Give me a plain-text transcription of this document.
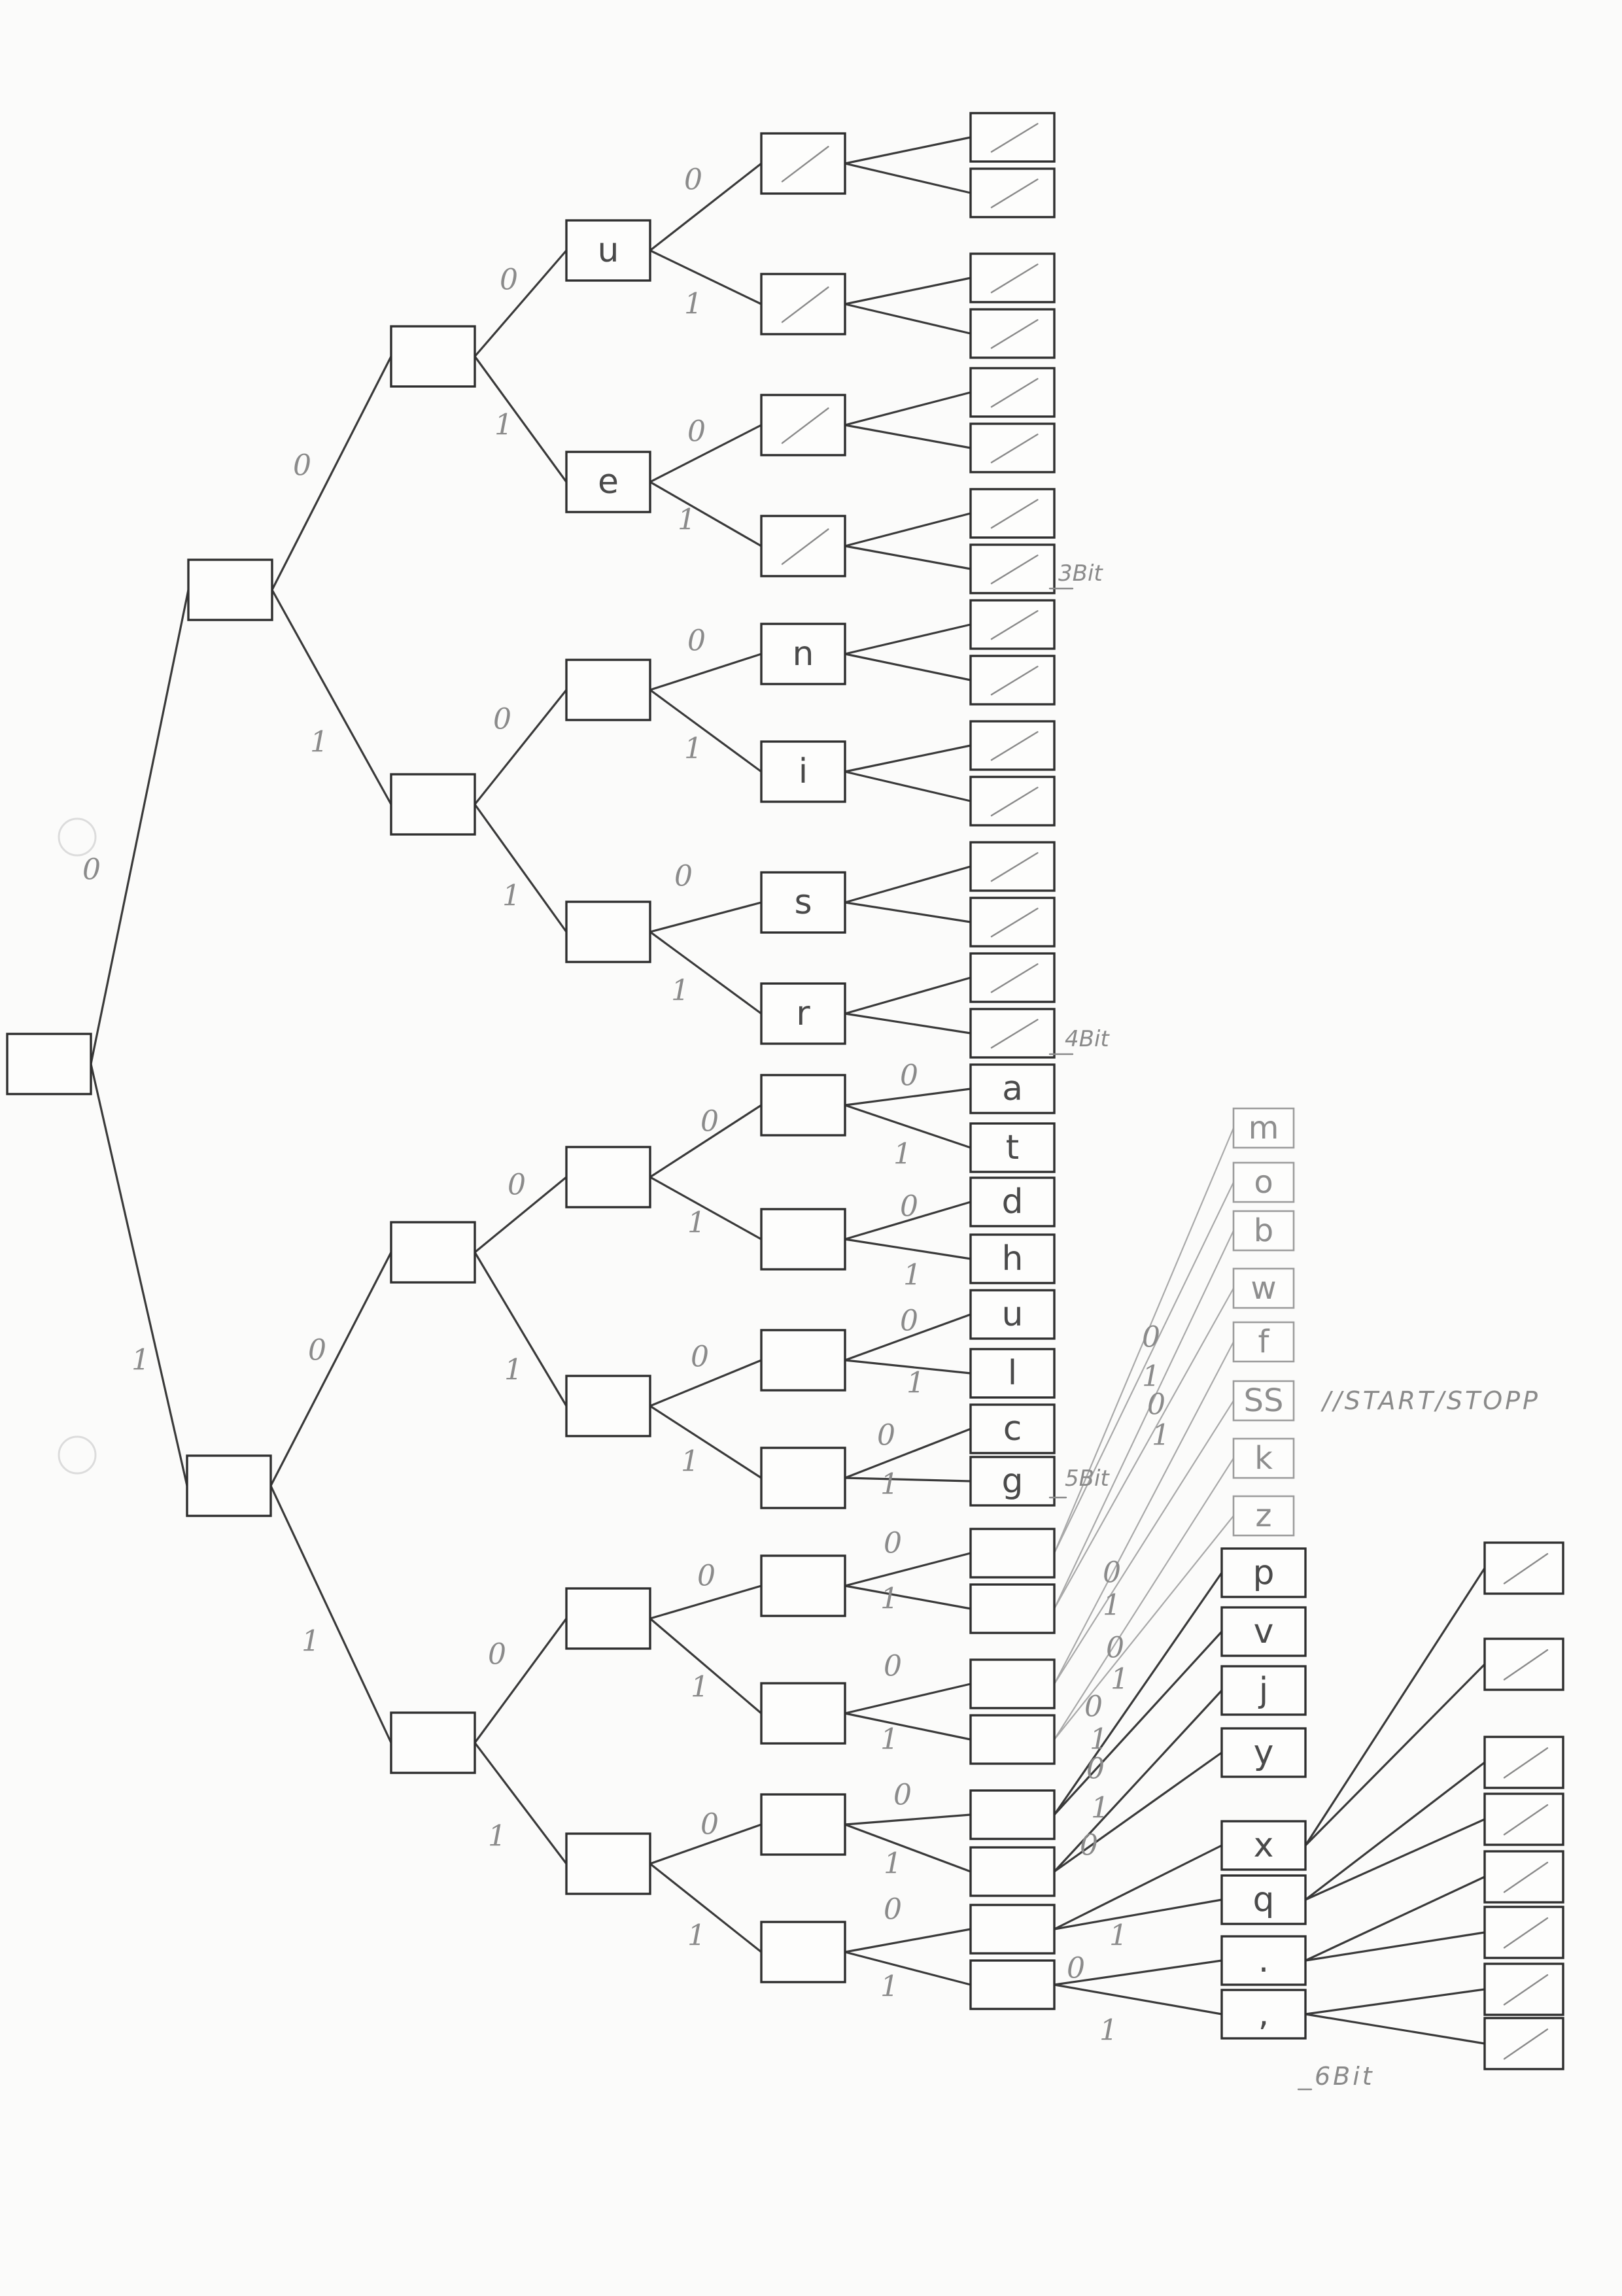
0
1
0
1
0
1
0
1
0
1
0
1
0
1
0
1
0
1
0
1
0
1
0
1
0
1
0
1
0
1
0
1
0
1
0
1
0
1
0
1
0
1
0
1
0
1
0
1
0
1
0
1
0
1
0
1
0
1
0
1
0
1
u
e
n
i
s
r
a
t
d
h
u
l
c
g
m
o
b
w
f
SS
k
z
p
v
j
y
x
q
.
,
3Bit
4Bit
5Bit
6Bit
//START/STOPP
